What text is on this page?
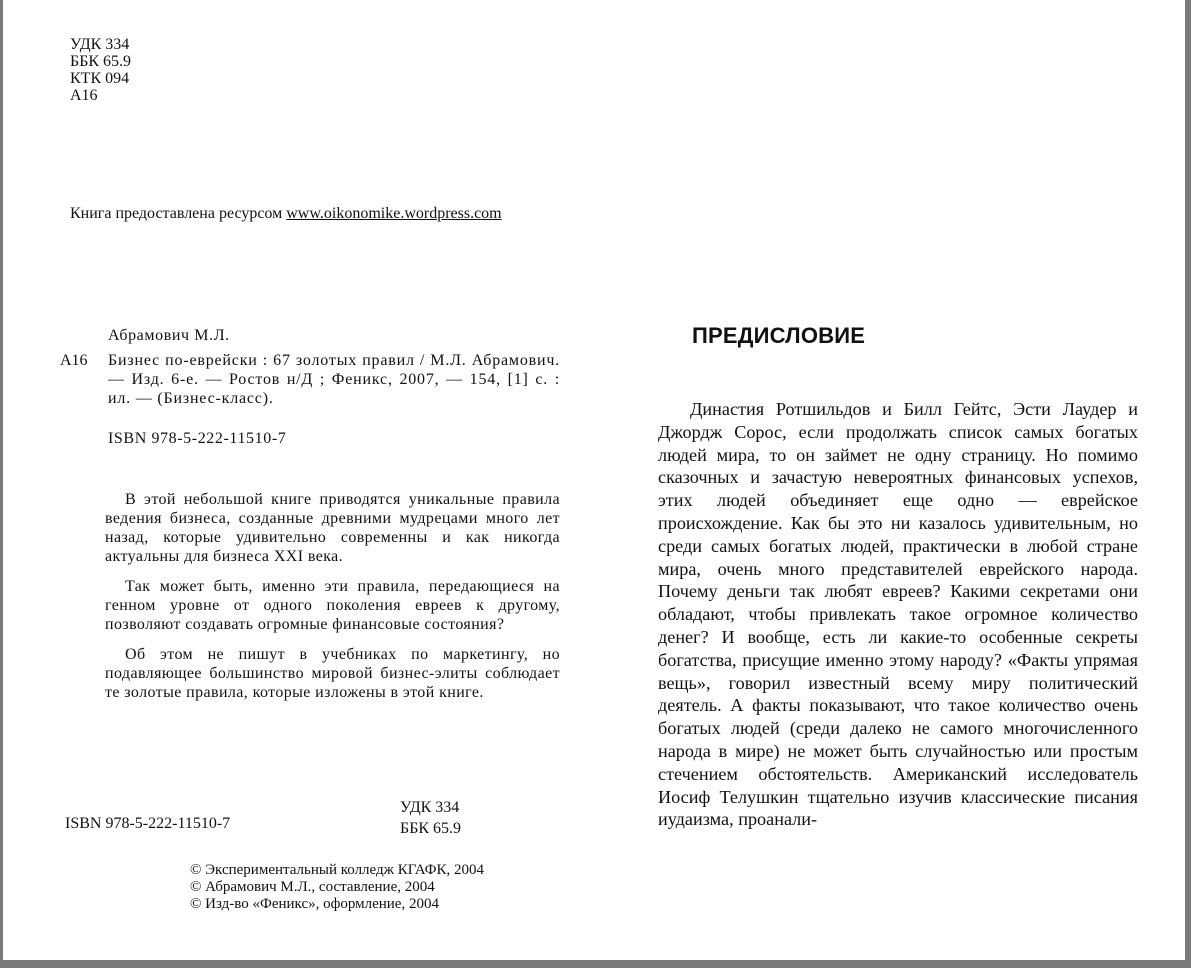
УДК 334
ББК 65.9
КТК 094
А16
Книга предоставлена ресурсом www.oikonomike.wordpress.com
Абрамович М.Л.
А16 Бизнес по-еврейски : 67 золотых правил / М.Л. Абрамович. — Изд. 6-е. — Ростов н/Д ; Феникс, 2007, — 154, [1] с. : ил. — (Бизнес-класс).
ISBN 978-5-222-11510-7

В этой небольшой книге приводятся уникальные правила ведения бизнеса, созданные древними мудрецами много лет назад, которые удивительно современны и как никогда актуальны для бизнеса XXI века.

Так может быть, именно эти правила, передающиеся на генном уровне от одного поколения евреев к другому, позволяют создавать огромные финансовые состояния?

Об этом не пишут в учебниках по маркетингу, но подавляющее большинство мировой бизнес-элиты соблюдает те золотые правила, которые изложены в этой книге.

ISBN 978-5-222-11510-7
УДК 334
ББК 65.9
© Экспериментальный колледж КГАФК, 2004
© Абрамович М.Л., составление, 2004
© Изд-во «Феникс», оформление, 2004
ПРЕДИСЛОВИЕ

Династия Ротшильдов и Билл Гейтс, Эсти Лаудер и Джордж Сорос, если продолжать список самых богатых людей мира, то он займет не одну страницу. Но помимо сказочных и зачастую невероятных финансовых успехов, этих людей объединяет еще одно — еврейское происхождение. Как бы это ни казалось удивительным, но среди самых богатых людей, практически в любой стране мира, очень много представителей еврейского народа. Почему деньги так любят евреев? Какими секретами они обладают, чтобы привлекать такое огромное количество денег? И вообще, есть ли какие-то особенные секреты богатства, присущие именно этому народу? «Факты упрямая вещь», говорил известный всему миру политический деятель. А факты показывают, что такое количество очень богатых людей (среди далеко не самого многочисленного народа в мире) не может быть случайностью или простым стечением обстоятельств. Американский исследователь Иосиф Телушкин тщательно изучив классические писания иудаизма, проанали-
